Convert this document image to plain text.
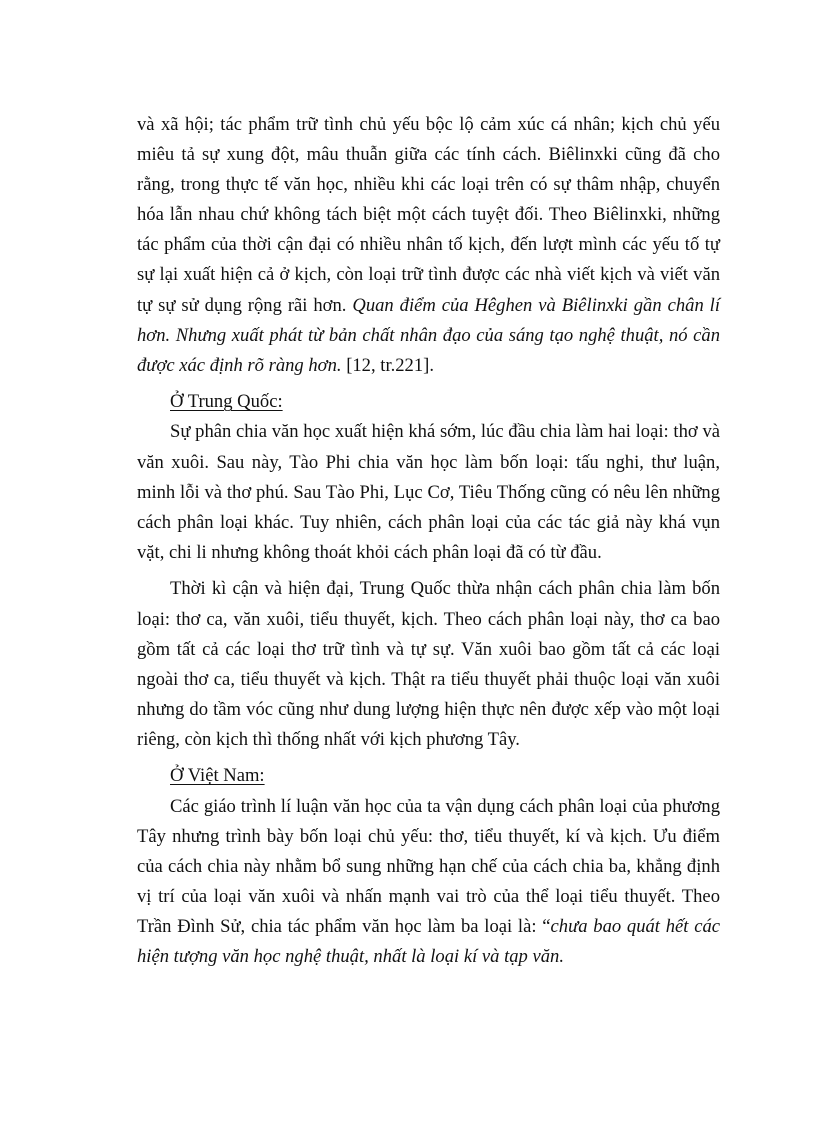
và xã hội; tác phẩm trữ tình chủ yếu bộc lộ cảm xúc cá nhân; kịch chủ yếu miêu tả sự xung đột, mâu thuẫn giữa các tính cách. Biêlinxki cũng đã cho rằng, trong thực tế văn học, nhiều khi các loại trên có sự thâm nhập, chuyển hóa lẫn nhau chứ không tách biệt một cách tuyệt đối. Theo Biêlinxki, những tác phẩm của thời cận đại có nhiều nhân tố kịch, đến lượt mình các yếu tố tự sự lại xuất hiện cả ở kịch, còn loại trữ tình được các nhà viết kịch và viết văn tự sự sử dụng rộng rãi hơn. Quan điểm của Hêghen và Biêlinxki gần chân lí hơn. Nhưng xuất phát từ bản chất nhân đạo của sáng tạo nghệ thuật, nó cần được xác định rõ ràng hơn. [12, tr.221].

Ở Trung Quốc:

Sự phân chia văn học xuất hiện khá sớm, lúc đầu chia làm hai loại: thơ và văn xuôi. Sau này, Tào Phi chia văn học làm bốn loại: tấu nghi, thư luận, minh lỗi và thơ phú. Sau Tào Phi, Lục Cơ, Tiêu Thống cũng có nêu lên những cách phân loại khác. Tuy nhiên, cách phân loại của các tác giả này khá vụn vặt, chi li nhưng không thoát khỏi cách phân loại đã có từ đầu.

Thời kì cận và hiện đại, Trung Quốc thừa nhận cách phân chia làm bốn loại: thơ ca, văn xuôi, tiểu thuyết, kịch. Theo cách phân loại này, thơ ca bao gồm tất cả các loại thơ trữ tình và tự sự. Văn xuôi bao gồm tất cả các loại ngoài thơ ca, tiểu thuyết và kịch. Thật ra tiểu thuyết phải thuộc loại văn xuôi nhưng do tầm vóc cũng như dung lượng hiện thực nên được xếp vào một loại riêng, còn kịch thì thống nhất với kịch phương Tây.

Ở Việt Nam:

Các giáo trình lí luận văn học của ta vận dụng cách phân loại của phương Tây nhưng trình bày bốn loại chủ yếu: thơ, tiểu thuyết, kí và kịch. Ưu điểm của cách chia này nhằm bổ sung những hạn chế của cách chia ba, khẳng định vị trí của loại văn xuôi và nhấn mạnh vai trò của thể loại tiểu thuyết. Theo Trần Đình Sử, chia tác phẩm văn học làm ba loại là: “chưa bao quát hết các hiện tượng văn học nghệ thuật, nhất là loại kí và tạp văn.
